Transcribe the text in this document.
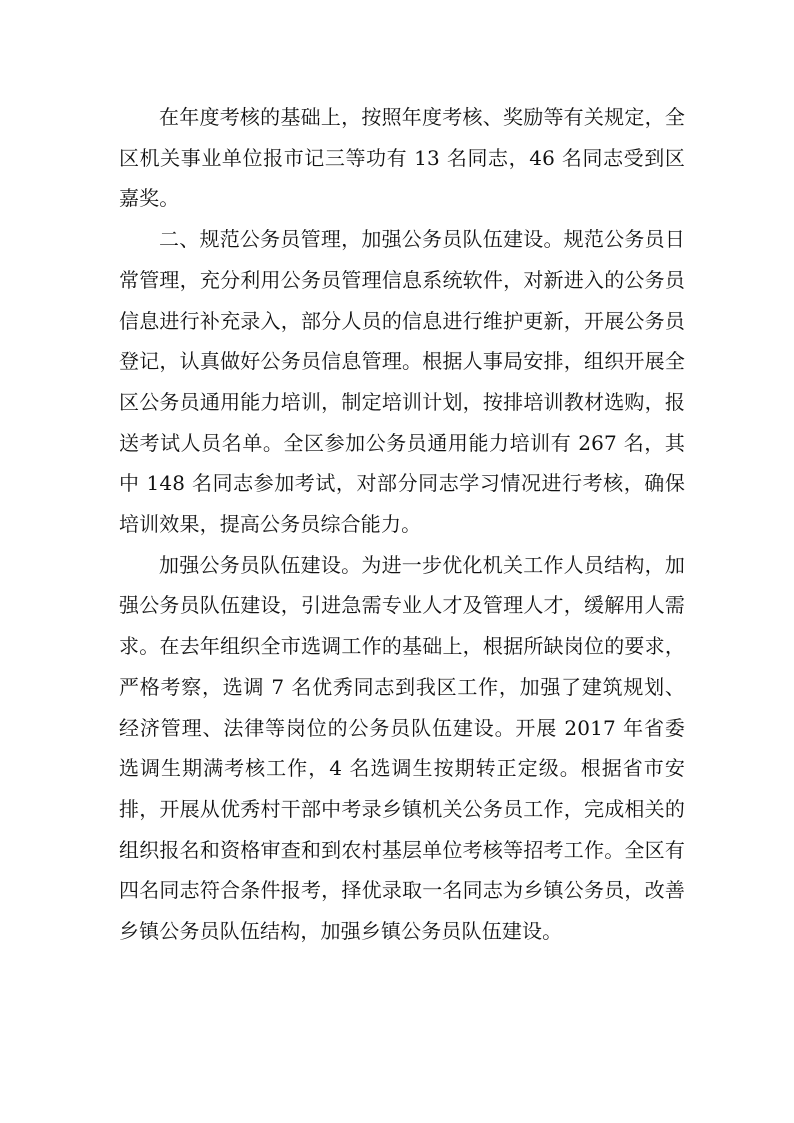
在年度考核的基础上，按照年度考核、奖励等有关规定，全区机关事业单位报市记三等功有 13 名同志，46 名同志受到区嘉奖。

二、规范公务员管理，加强公务员队伍建设。规范公务员日常管理，充分利用公务员管理信息系统软件，对新进入的公务员信息进行补充录入，部分人员的信息进行维护更新，开展公务员登记，认真做好公务员信息管理。根据人事局安排，组织开展全区公务员通用能力培训，制定培训计划，按排培训教材选购，报送考试人员名单。全区参加公务员通用能力培训有 267 名，其中 148 名同志参加考试，对部分同志学习情况进行考核，确保培训效果，提高公务员综合能力。

加强公务员队伍建设。为进一步优化机关工作人员结构，加强公务员队伍建设，引进急需专业人才及管理人才，缓解用人需求。在去年组织全市选调工作的基础上，根据所缺岗位的要求，严格考察，选调 7 名优秀同志到我区工作，加强了建筑规划、经济管理、法律等岗位的公务员队伍建设。开展 2017 年省委选调生期满考核工作，4 名选调生按期转正定级。根据省市安排，开展从优秀村干部中考录乡镇机关公务员工作，完成相关的组织报名和资格审查和到农村基层单位考核等招考工作。全区有四名同志符合条件报考，择优录取一名同志为乡镇公务员，改善乡镇公务员队伍结构，加强乡镇公务员队伍建设。
